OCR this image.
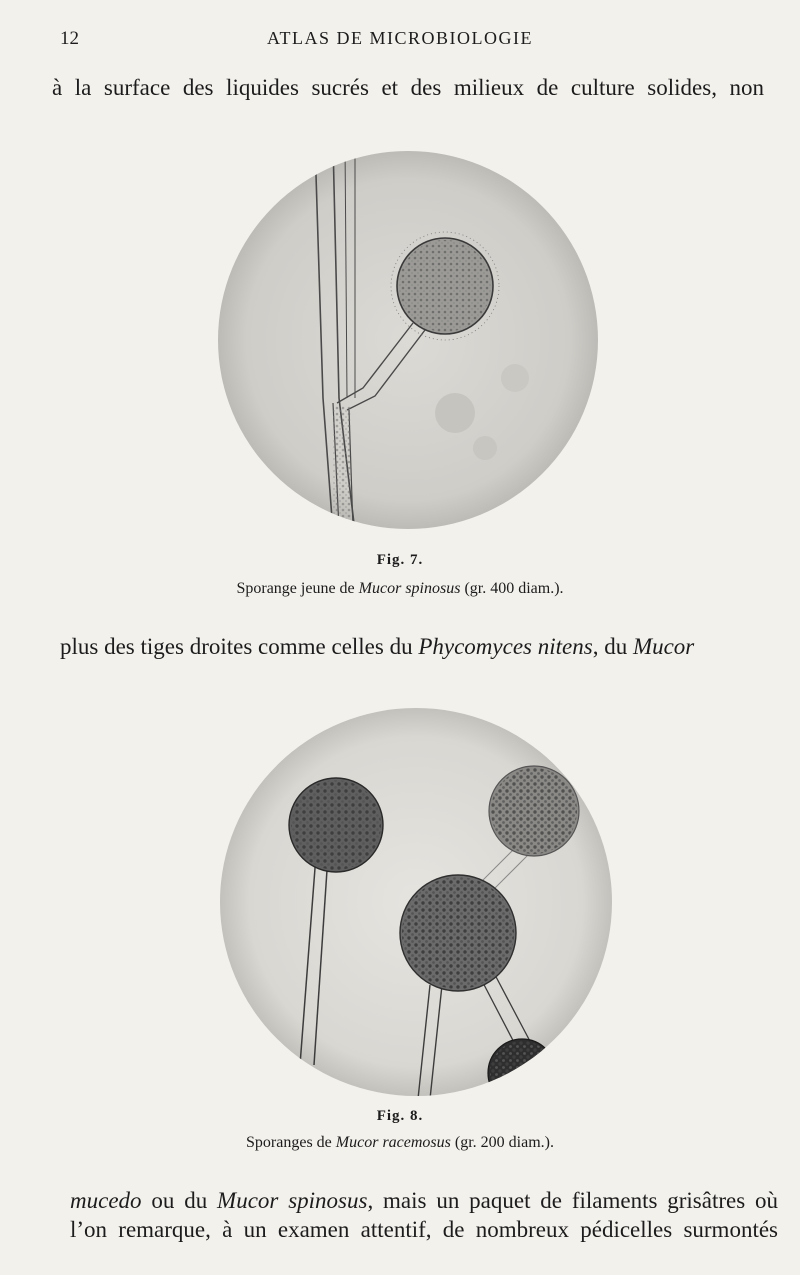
12	ATLAS DE MICROBIOLOGIE
à la surface des liquides sucrés et des milieux de culture solides, non
Fig. 7.
Sporange jeune de Mucor spinosus (gr. 400 diam.).
plus des tiges droites comme celles du Phycomyces nitens, du Mucor
Fig. 8.
Sporanges de Mucor racemosus (gr. 200 diam.).
mucedo ou du Mucor spinosus, mais un paquet de filaments grisâtres où
l’on remarque, à un examen attentif, de nombreux pédicelles surmontés
